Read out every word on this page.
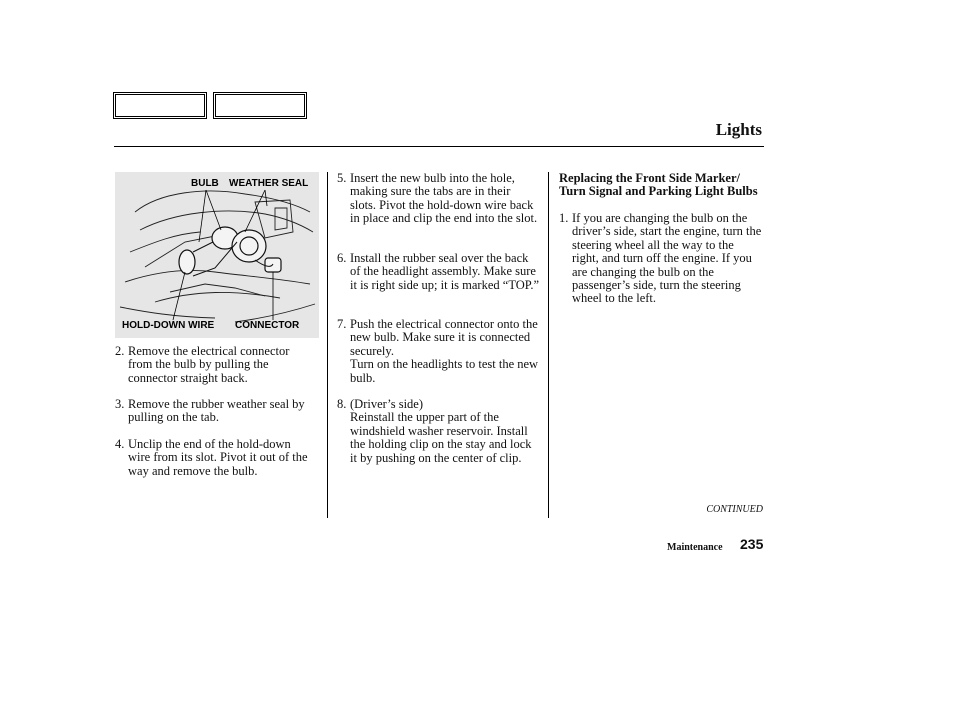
Lights
BULB WEATHER SEAL
HOLD-DOWN WIRE CONNECTOR
2. Remove the electrical connector from the bulb by pulling the connector straight back.
3. Remove the rubber weather seal by pulling on the tab.
4. Unclip the end of the hold-down wire from its slot. Pivot it out of the way and remove the bulb.
5. Insert the new bulb into the hole, making sure the tabs are in their slots. Pivot the hold-down wire back in place and clip the end into the slot.
6. Install the rubber seal over the back of the headlight assembly. Make sure it is right side up; it is marked “TOP.”
7. Push the electrical connector onto the new bulb. Make sure it is connected securely.
Turn on the headlights to test the new bulb.
8. (Driver’s side)
Reinstall the upper part of the windshield washer reservoir. Install the holding clip on the stay and lock it by pushing on the center of clip.
Replacing the Front Side Marker/ Turn Signal and Parking Light Bulbs
1. If you are changing the bulb on the driver’s side, start the engine, turn the steering wheel all the way to the right, and turn off the engine. If you are changing the bulb on the passenger’s side, turn the steering wheel to the left.
CONTINUED
Maintenance 235
